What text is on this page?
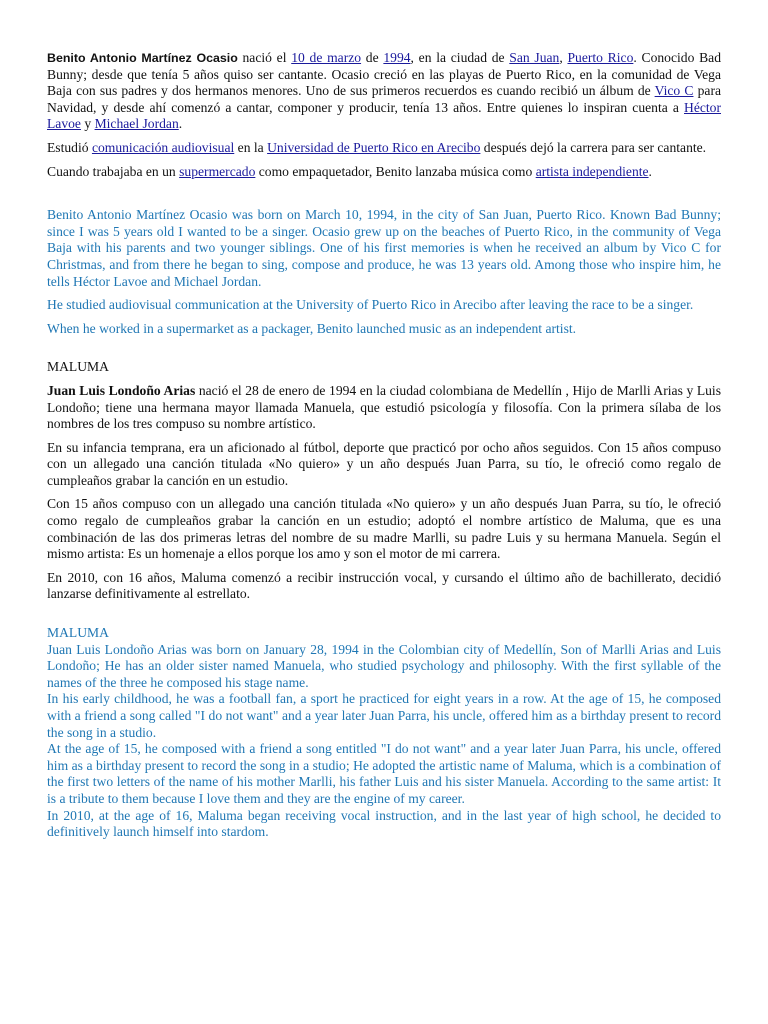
Benito Antonio Martínez Ocasio nació el 10 de marzo de 1994, en la ciudad de San Juan, Puerto Rico. Conocido Bad Bunny; desde que tenía 5 años quiso ser cantante. Ocasio creció en las playas de Puerto Rico, en la comunidad de Vega Baja con sus padres y dos hermanos menores. Uno de sus primeros recuerdos es cuando recibió un álbum de Vico C para Navidad, y desde ahí comenzó a cantar, componer y producir, tenía 13 años. Entre quienes lo inspiran cuenta a Héctor Lavoe y Michael Jordan.

Estudió comunicación audiovisual en la Universidad de Puerto Rico en Arecibo después dejó la carrera para ser cantante.

Cuando trabajaba en un supermercado como empaquetador, Benito lanzaba música como artista independiente.

Benito Antonio Martínez Ocasio was born on March 10, 1994, in the city of San Juan, Puerto Rico. Known Bad Bunny; since I was 5 years old I wanted to be a singer. Ocasio grew up on the beaches of Puerto Rico, in the community of Vega Baja with his parents and two younger siblings. One of his first memories is when he received an album by Vico C for Christmas, and from there he began to sing, compose and produce, he was 13 years old. Among those who inspire him, he tells Héctor Lavoe and Michael Jordan.

He studied audiovisual communication at the University of Puerto Rico in Arecibo after leaving the race to be a singer.

When he worked in a supermarket as a packager, Benito launched music as an independent artist.

MALUMA

Juan Luis Londoño Arias nació el 28 de enero de 1994 en la ciudad colombiana de Medellín , Hijo de Marlli Arias y Luis Londoño; tiene una hermana mayor llamada Manuela, que estudió psicología y filosofía. Con la primera sílaba de los nombres de los tres compuso su nombre artístico.

En su infancia temprana, era un aficionado al fútbol, deporte que practicó por ocho años seguidos. Con 15 años compuso con un allegado una canción titulada «No quiero» y un año después Juan Parra, su tío, le ofreció como regalo de cumpleaños grabar la canción en un estudio.

Con 15 años compuso con un allegado una canción titulada «No quiero» y un año después Juan Parra, su tío, le ofreció como regalo de cumpleaños grabar la canción en un estudio; adoptó el nombre artístico de Maluma, que es una combinación de las dos primeras letras del nombre de su madre Marlli, su padre Luis y su hermana Manuela. Según el mismo artista: Es un homenaje a ellos porque los amo y son el motor de mi carrera.

En 2010, con 16 años, Maluma comenzó a recibir instrucción vocal, y cursando el último año de bachillerato, decidió lanzarse definitivamente al estrellato.

MALUMA

Juan Luis Londoño Arias was born on January 28, 1994 in the Colombian city of Medellín, Son of Marlli Arias and Luis Londoño; He has an older sister named Manuela, who studied psychology and philosophy. With the first syllable of the names of the three he composed his stage name.

In his early childhood, he was a football fan, a sport he practiced for eight years in a row. At the age of 15, he composed with a friend a song called "I do not want" and a year later Juan Parra, his uncle, offered him as a birthday present to record the song in a studio.

At the age of 15, he composed with a friend a song entitled "I do not want" and a year later Juan Parra, his uncle, offered him as a birthday present to record the song in a studio; He adopted the artistic name of Maluma, which is a combination of the first two letters of the name of his mother Marlli, his father Luis and his sister Manuela. According to the same artist: It is a tribute to them because I love them and they are the engine of my career.

In 2010, at the age of 16, Maluma began receiving vocal instruction, and in the last year of high school, he decided to definitively launch himself into stardom.
